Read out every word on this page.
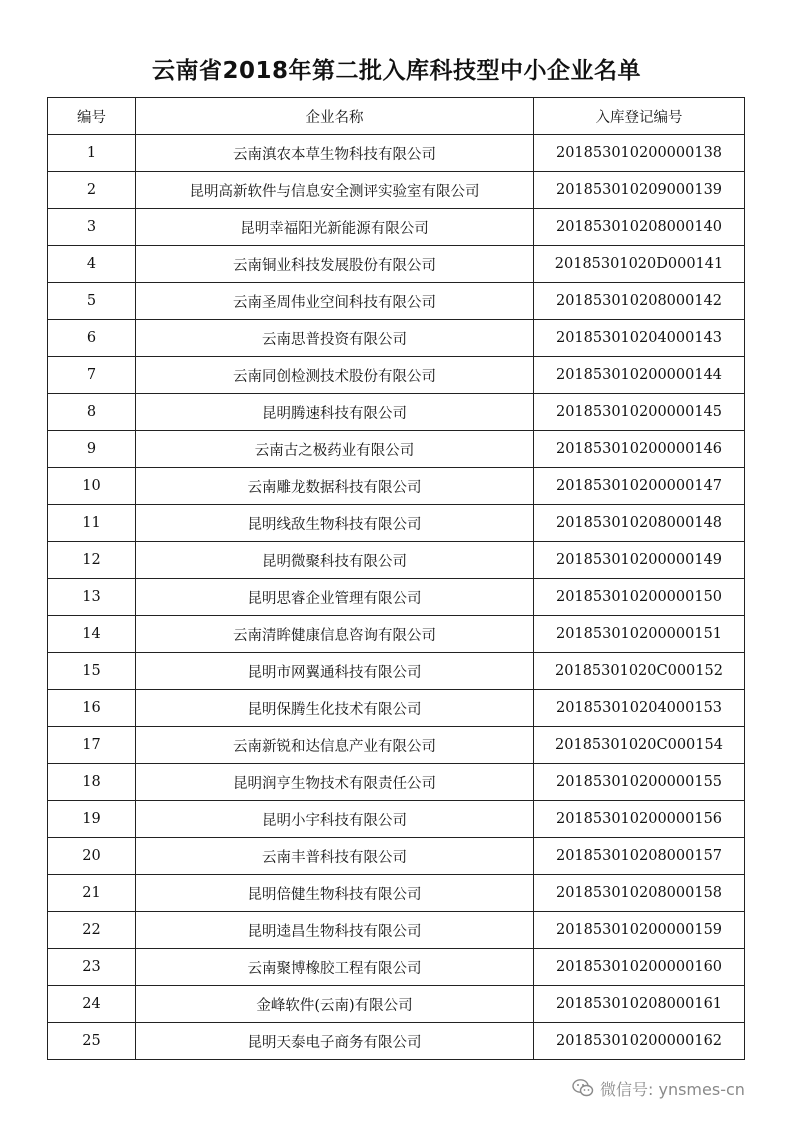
云南省2018年第二批入库科技型中小企业名单
编号	企业名称	入库登记编号
1	云南滇农本草生物科技有限公司	201853010200000138
2	昆明高新软件与信息安全测评实验室有限公司	201853010209000139
3	昆明幸福阳光新能源有限公司	201853010208000140
4	云南铜业科技发展股份有限公司	20185301020D000141
5	云南圣周伟业空间科技有限公司	201853010208000142
6	云南思普投资有限公司	201853010204000143
7	云南同创检测技术股份有限公司	201853010200000144
8	昆明腾速科技有限公司	201853010200000145
9	云南古之极药业有限公司	201853010200000146
10	云南雕龙数据科技有限公司	201853010200000147
11	昆明线敌生物科技有限公司	201853010208000148
12	昆明微聚科技有限公司	201853010200000149
13	昆明思睿企业管理有限公司	201853010200000150
14	云南清眸健康信息咨询有限公司	201853010200000151
15	昆明市网翼通科技有限公司	20185301020C000152
16	昆明保腾生化技术有限公司	201853010204000153
17	云南新锐和达信息产业有限公司	20185301020C000154
18	昆明润亨生物技术有限责任公司	201853010200000155
19	昆明小宇科技有限公司	201853010200000156
20	云南丰普科技有限公司	201853010208000157
21	昆明倍健生物科技有限公司	201853010208000158
22	昆明逵昌生物科技有限公司	201853010200000159
23	云南聚博橡胶工程有限公司	201853010200000160
24	金峰软件(云南)有限公司	201853010208000161
25	昆明天泰电子商务有限公司	201853010200000162
微信号: ynsmes-cn
